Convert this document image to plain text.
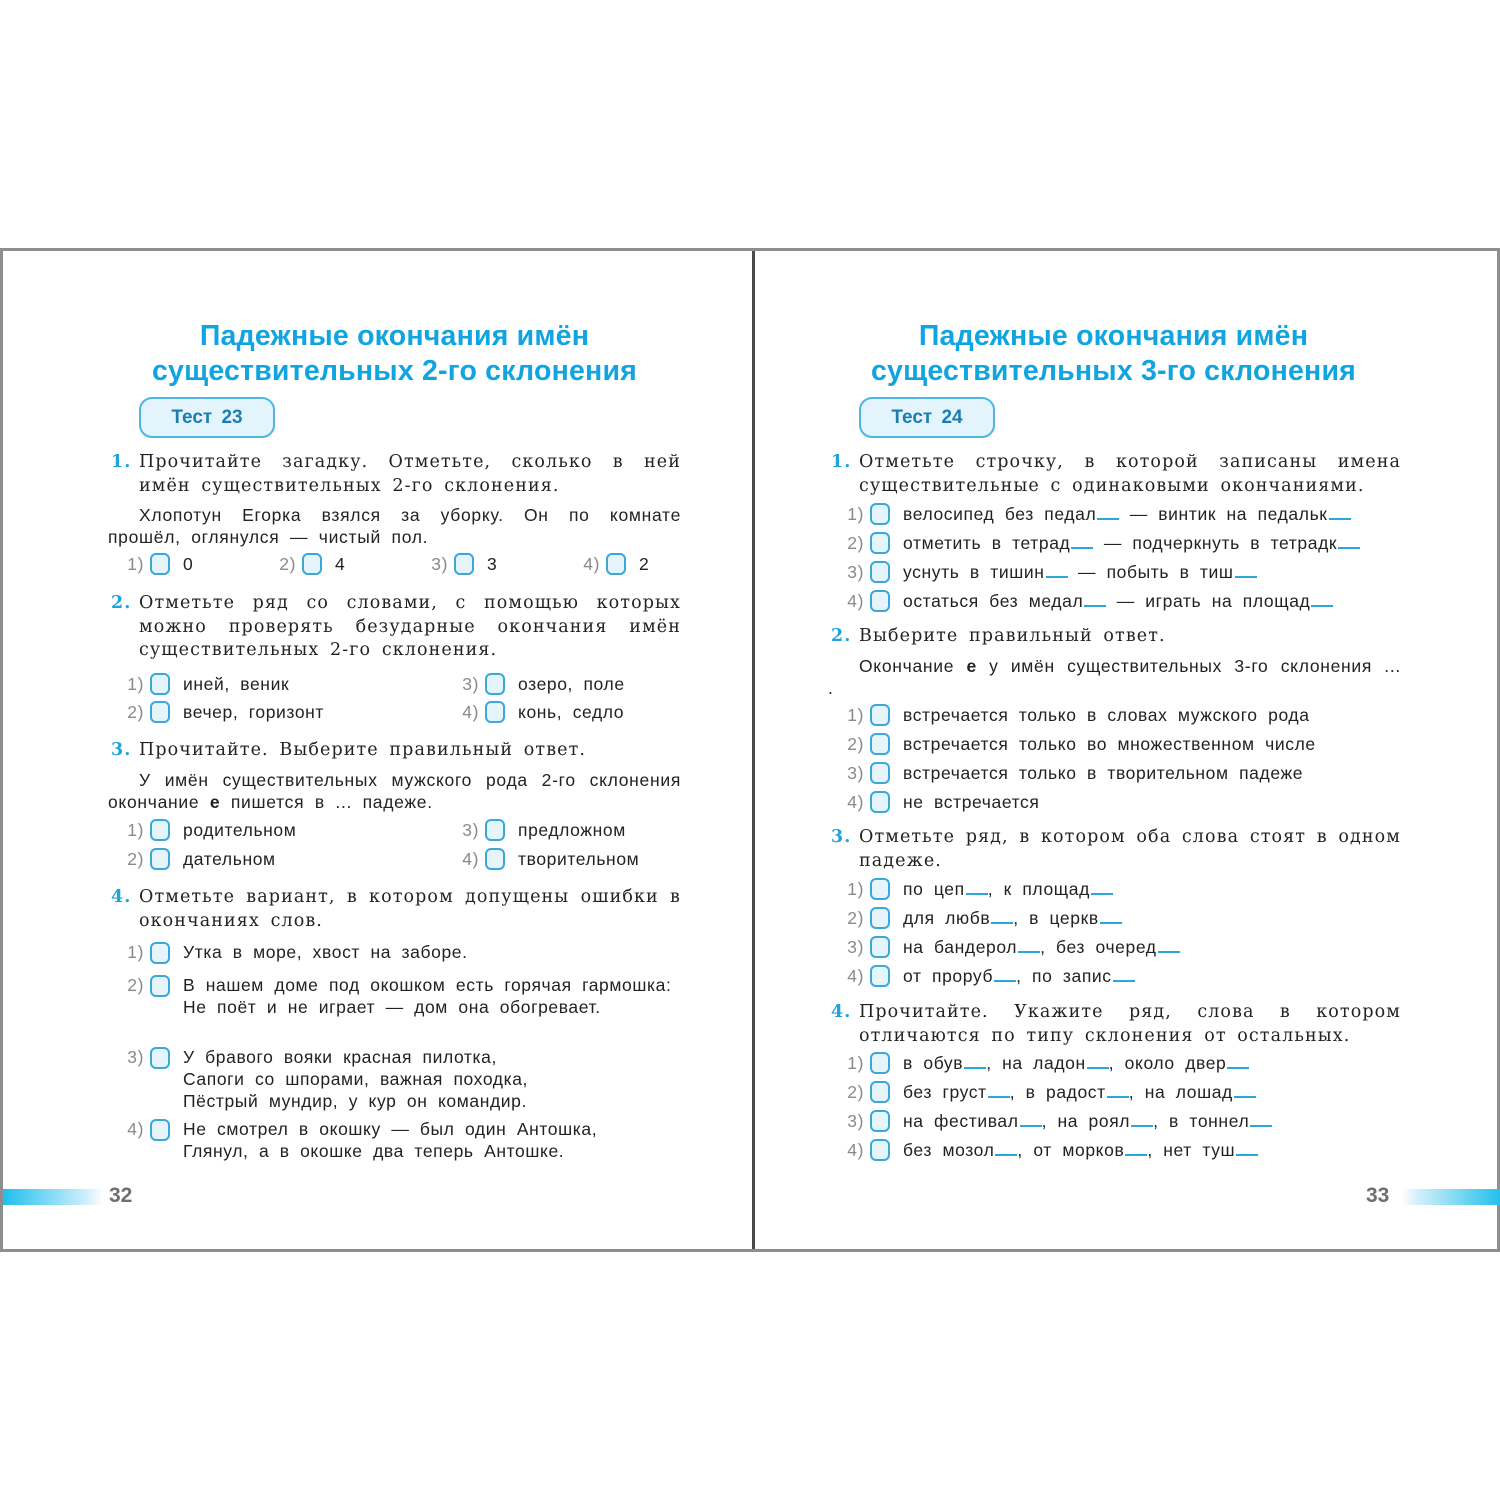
Падежные окончания имён
существительных 2-го склонения
Тест 23
1. Прочитайте загадку. Отметьте, сколько в ней имён существительных 2-го склонения.
Хлопотун Егорка взялся за уборку. Он по комнате прошёл, оглянулся — чистый пол.
1) 0	2) 4	3) 3	4) 2
2. Отметьте ряд со словами, с помощью которых можно проверять безударные окончания имён существительных 2-го склонения.
1) иней, веник
2) вечер, горизонт
3) озеро, поле
4) конь, седло
3. Прочитайте. Выберите правильный ответ.
У имён существительных мужского рода 2-го склонения окончание е пишется в ... падеже.
1) родительном
2) дательном
3) предложном
4) творительном
4. Отметьте вариант, в котором допущены ошибки в окончаниях слов.
1) Утка в море, хвост на заборе.
2) В нашем доме под окошком есть горячая гармошка:
Не поёт и не играет — дом она обогревает.
3) У бравого вояки красная пилотка,
Сапоги со шпорами, важная походка,
Пёстрый мундир, у кур он командир.
4) Не смотрел в окошку — был один Антошка,
Глянул, а в окошке два теперь Антошке.
32
Падежные окончания имён
существительных 3-го склонения
Тест 24
1. Отметьте строчку, в которой записаны имена существительные с одинаковыми окончаниями.
1) велосипед без педал — винтик на педальк
2) отметить в тетрад — подчеркнуть в тетрадк
3) уснуть в тишин — побыть в тиш
4) остаться без медал — играть на площад
2. Выберите правильный ответ.
Окончание е у имён существительных 3-го склонения ... .
1) встречается только в словах мужского рода
2) встречается только во множественном числе
3) встречается только в творительном падеже
4) не встречается
3. Отметьте ряд, в котором оба слова стоят в одном падеже.
1) по цеп , к площад
2) для любв , в церкв
3) на бандерол , без очеред
4) от проруб , по запис
4. Прочитайте. Укажите ряд, слова в котором отличаются по типу склонения от остальных.
1) в обув , на ладон , около двер
2) без груст , в радост , на лошад
3) на фестивал , на роял , в тоннел
4) без мозол , от морков , нет туш
33
